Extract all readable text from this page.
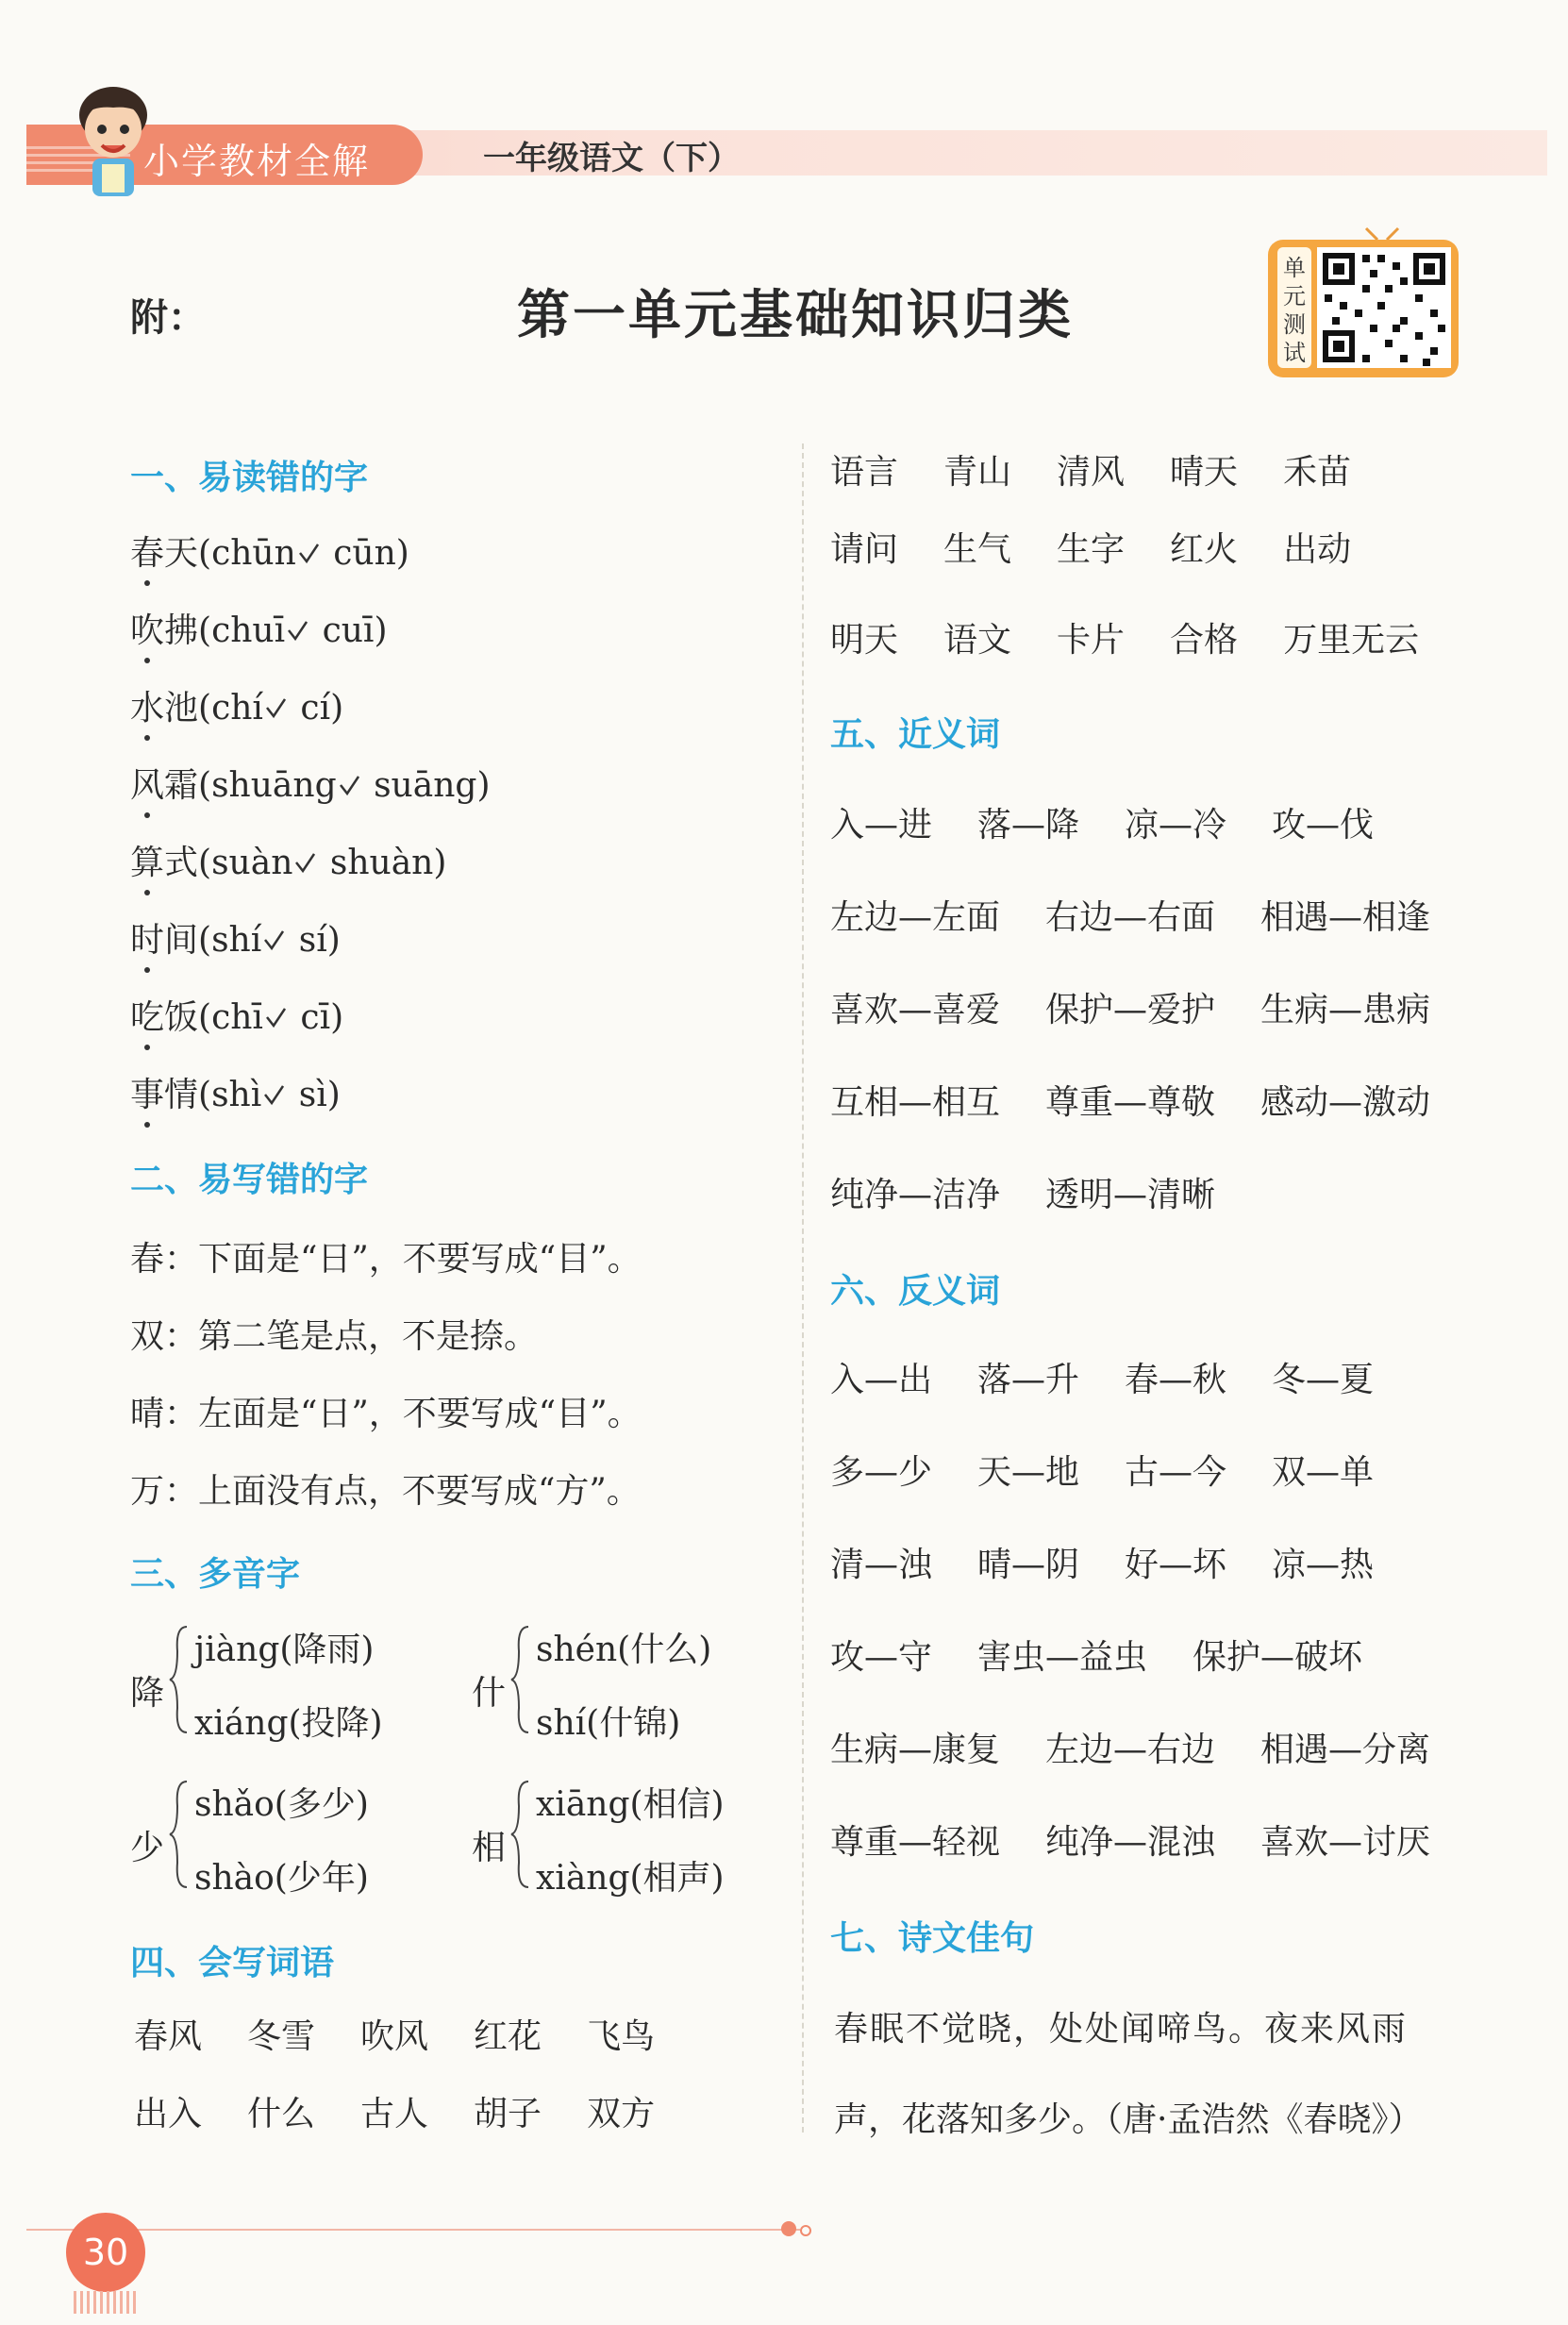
小学教材全解	一年级语文（下）
附：	第一单元基础知识归类
单
元
测
试
一、易读错的字
春天(chūn cūn)
吹拂(chuī cuī)
水池(chí cí)
风霜(shuāng suāng)
算式(suàn shuàn)
时间(shí sí)
吃饭(chī cī)
事情(shì sì)
二、易写错的字
春：下面是“日”，不要写成“目”。
双：第二笔是点，不是捺。
晴：左面是“日”，不要写成“目”。
万：上面没有点，不要写成“方”。
三、多音字
降
jiàng(降雨)
xiáng(投降)
什
shén(什么)
shí(什锦)
少
shǎo(多少)
shào(少年)
相
xiāng(相信)
xiàng(相声)
四、会写词语
春风 冬雪 吹风 红花 飞鸟
出入 什么 古人 胡子 双方
语言 青山 清风 晴天 禾苗
请问 生气 生字 红火 出动
明天 语文 卡片 合格 万里无云
五、近义词
入—进 落—降 凉—冷 攻—伐
左边—左面 右边—右面 相遇—相逢
喜欢—喜爱 保护—爱护 生病—患病
互相—相互 尊重—尊敬 感动—激动
纯净—洁净 透明—清晰
六、反义词
入—出 落—升 春—秋 冬—夏
多—少 天—地 古—今 双—单
清—浊 晴—阴 好—坏 凉—热
攻—守 害虫—益虫 保护—破坏
生病—康复 左边—右边 相遇—分离
尊重—轻视 纯净—混浊 喜欢—讨厌
七、诗文佳句
春眠不觉晓，处处闻啼鸟。夜来风雨
声，花落知多少。（唐·孟浩然《春晓》）
30
